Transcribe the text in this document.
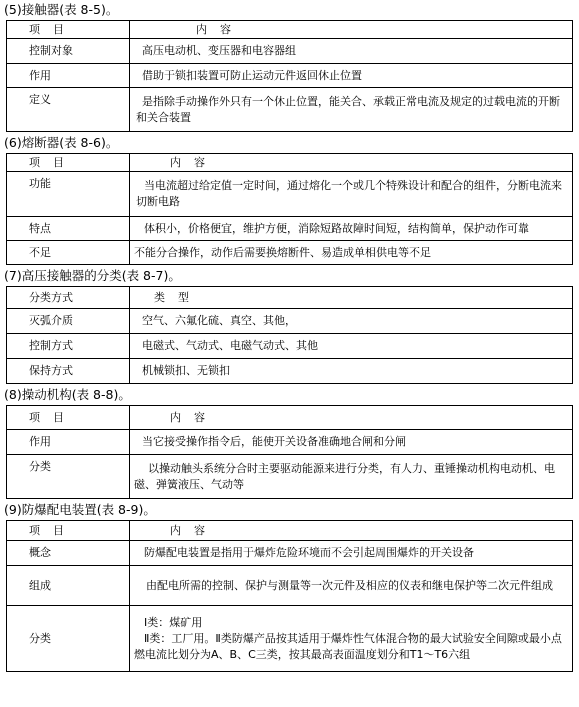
(5)接触器(表 8-5)。
项　目	内　容
控制对象	高压电动机、变压器和电容器组
作用	借助于锁扣装置可防止运动元件返回休止位置
定义	是指除手动操作外只有一个休止位置，能关合、承载正常电流及规定的过载电流的开断和关合装置
(6)熔断器(表 8-6)。
项　目	内　容
功能	当电流超过给定值一定时间，通过熔化一个或几个特殊设计和配合的组件，分断电流来切断电路
特点	体积小，价格便宜，维护方便，消除短路故障时间短，结构简单，保护动作可靠
不足	不能分合操作，动作后需要换熔断件、易造成单相供电等不足
(7)高压接触器的分类(表 8-7)。
分类方式	类　型
灭弧介质	空气、六氟化硫、真空、其他，
控制方式	电磁式、气动式、电磁气动式、其他
保持方式	机械锁扣、无锁扣
(8)操动机构(表 8-8)。
项　目	内　容
作用	当它接受操作指令后，能使开关设备准确地合闸和分闸
分类	以操动触头系统分合时主要驱动能源来进行分类，有人力、重锤操动机构电动机、电磁、弹簧液压、气动等
(9)防爆配电装置(表 8-9)。
项　目	内　容
概念	防爆配电装置是指用于爆炸危险环境而不会引起周围爆炸的开关设备
组成	由配电所需的控制、保护与测量等一次元件及相应的仪表和继电保护等二次元件组成
分类	Ⅰ类：煤矿用
Ⅱ类：工厂用。Ⅱ类防爆产品按其适用于爆炸性气体混合物的最大试验安全间隙或最小点燃电流比划分为A、B、C三类，按其最高表面温度划分和T1～T6六组
